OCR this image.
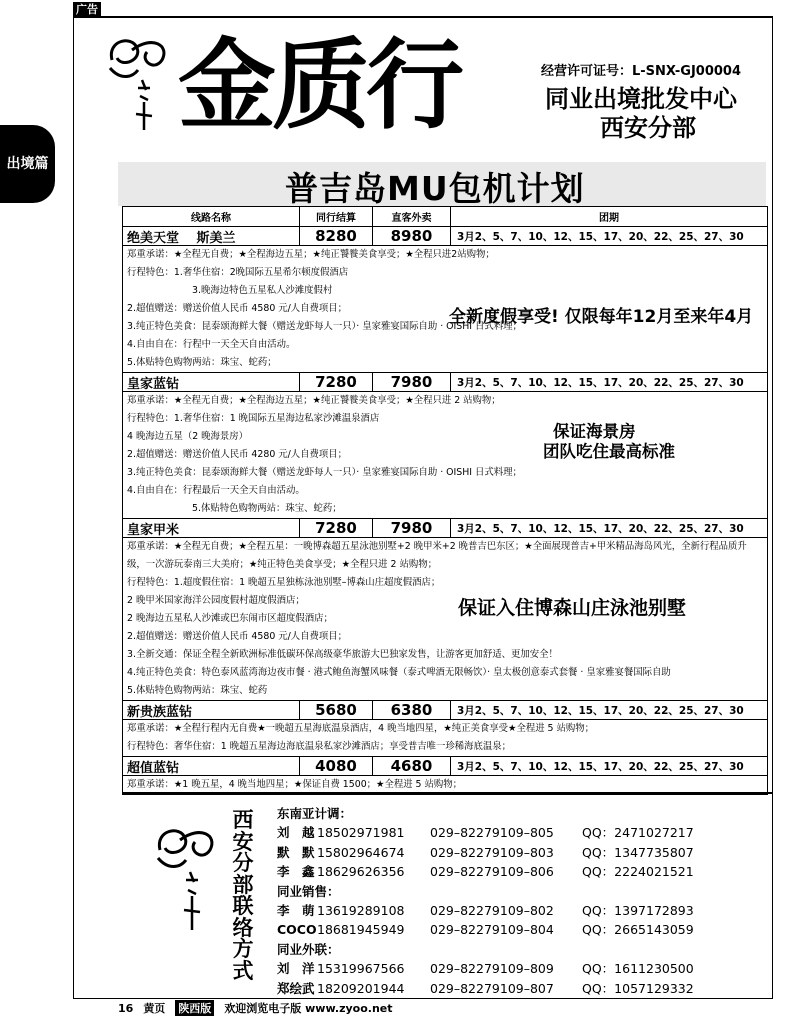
广告
出境篇
金质行	经营许可证号：L-SNX-GJ00004
同业出境批发中心
西安分部
普吉岛MU包机计划
线路名称	同行结算	直客外卖	团期
绝美天堂　 斯美兰	8280	8980	3月2、5、7、10、12、15、17、20、22、25、27、30

郑重承诺：★全程无自费；★全程海边五星；★纯正饕餮美食享受；★全程只进2站购物；

行程特色：1.奢华住宿：2晚国际五星希尔顿度假酒店

3.晚海边特色五星私人沙滩度假村

2.超值赠送：赠送价值人民币 4580 元/人自费项目；

3.纯正特色美食：昆泰颂海鲜大餐（赠送龙虾每人一只）· 皇家雅宴国际自助 · OISHI 日式料理；

4.自由自在：行程中一天全天自由活动。

5.体贴特色购物两站：珠宝、蛇药；

全新度假享受! 仅限每年12月至来年4月
皇家蓝钻	7280	7980	3月2、5、7、10、12、15、17、20、22、25、27、30

郑重承诺：★全程无自费；★全程海边五星；★纯正饕餮美食享受；★全程只进 2 站购物；

行程特色：1.奢华住宿：1 晚国际五星海边私家沙滩温泉酒店

4 晚海边五星（2 晚海景房）

2.超值赠送：赠送价值人民币 4280 元/人自费项目；

3.纯正特色美食：昆泰颂海鲜大餐（赠送龙虾每人一只）· 皇家雅宴国际自助 · OISHI 日式料理；

4.自由自在：行程最后一天全天自由活动。

5.体贴特色购物两站：珠宝、蛇药；

保证海景房
团队吃住最高标准
皇家甲米	7280	7980	3月2、5、7、10、12、15、17、20、22、25、27、30

郑重承诺：★全程无自费；★全程五星：一晚博森超五星泳池别墅+2 晚甲米+2 晚普吉巴东区；★全面展现普吉+甲米精品海岛风光，全新行程品质升级，一次游玩泰南三大美府；★纯正特色美食享受；★全程只进 2 站购物；

行程特色：1.超度假住宿：1 晚超五星独栋泳池别墅–博森山庄超度假酒店；

2 晚甲米国家海洋公园度假村超度假酒店；

2 晚海边五星私人沙滩或巴东闹市区超度假酒店；

2.超值赠送：赠送价值人民币 4580 元/人自费项目；

3.全新交通：保证全程全新欧洲标准低碳环保高级豪华旅游大巴独家发售，让游客更加舒适、更加安全！

4.纯正特色美食：特色泰风蓝湾海边夜市餐 · 港式鲍鱼海蟹风味餐（泰式啤酒无限畅饮）· 皇太极创意泰式套餐 · 皇家雅宴餐国际自助

5.体贴特色购物两站：珠宝、蛇药

保证入住博森山庄泳池别墅
新贵族蓝钻	5680	6380	3月2、5、7、10、12、15、17、20、22、25、27、30

郑重承诺：★全程行程内无自费★一晚超五星海底温泉酒店，4 晚当地四星，★纯正美食享受★全程进 5 站购物；

行程特色：奢华住宿：1 晚超五星海边海底温泉私家沙滩酒店；享受普吉唯一珍稀海底温泉；

超值蓝钻	4080	4680	3月2、5、7、10、12、15、17、20、22、25、27、30

郑重承诺：★1 晚五星，4 晚当地四星；★保证自费 1500；★全程进 5 站购物；

西安分部联络方式
东南亚计调：
刘　越 18502971981 029–82279109–805 QQ：2471027217
默　默 15802964674 029–82279109–803 QQ：1347735807
李　鑫 18629626356 029–82279109–806 QQ：2224021521
同业销售：
李　萌 13619289108 029–82279109–802 QQ：1397172893
COCO 18681945949 029–82279109–804 QQ：2665143059
同业外联：
刘　洋 15319967566 029–82279109–809 QQ：1611230500
郑绘武 18209201944 029–82279109–807 QQ：1057129332
16 黄页 陕西版 欢迎浏览电子版 www.zyoo.net
